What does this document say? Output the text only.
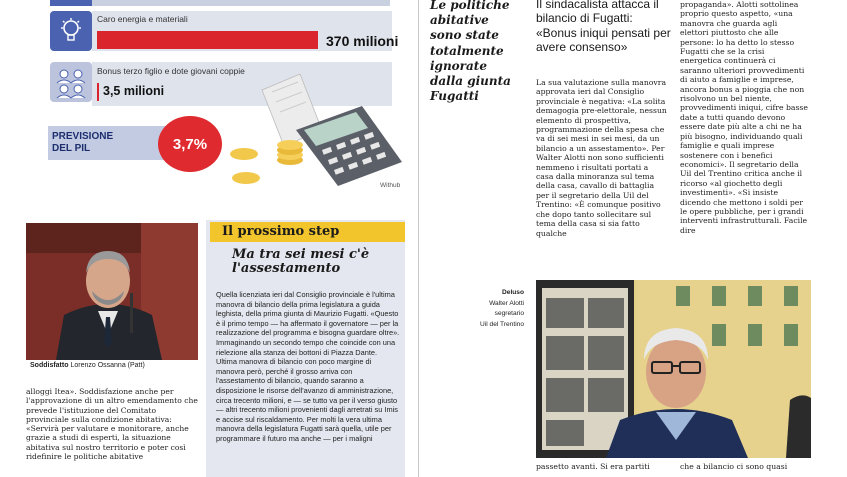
Caro energia e materiali
370 milioni
Bonus terzo figlio e dote giovani coppie
3,5 milioni
PREVISIONE DEL PIL	3,7%
Withub
Soddisfatto Lorenzo Ossanna (Patt)
Il prossimo step
Ma tra sei mesi c'è l'assestamento

Quella licenziata ieri dal Consiglio provinciale è l'ultima manovra di bilancio della prima legislatura a guida leghista, della prima giunta di Maurizio Fugatti. «Questo è il primo tempo — ha affermato il governatore — per la realizzazione del programma e bisogna guardare oltre». Immaginando un secondo tempo che coincide con una rielezione alla stanza dei bottoni di Piazza Dante.

Ultima manovra di bilancio con poco margine di manovra però, perché il grosso arriva con l'assestamento di bilancio, quando saranno a disposizione le risorse dell'avanzo di amministrazione, circa trecento milioni, e — se tutto va per il verso giusto — altri trecento milioni provenienti dagli arretrati su Imis e accise sul riscaldamento. Per molti la vera ultima manovra della legislatura Fugatti sarà quella, utile per programmare il futuro ma anche — per i maligni

alloggi Itea». Soddisfazione anche per l'approvazione di un altro emendamento che prevede l'istituzione del Comitato provinciale sulla condizione abitativa: «Servirà per valutare e monitorare, anche grazie a studi di esperti, la situazione abitativa sul nostro territorio e poter così ridefinire le politiche abitative
Le politiche abitative sono state totalmente ignorate dalla giunta Fugatti
Il sindacalista attacca il bilancio di Fugatti: «Bonus iniqui pensati per avere consenso»
La sua valutazione sulla manovra approvata ieri dal Consiglio provinciale è negativa: «La solita demagogia pre-elettorale, nessun elemento di prospettiva, programmazione della spesa che va di sei mesi in sei mesi, da un bilancio a un assestamento». Per Walter Alotti non sono sufficienti nemmeno i risultati portati a casa dalla minoranza sul tema della casa, cavallo di battaglia per il segretario della Uil del Trentino: «È comunque positivo che dopo tanto sollecitare sul tema della casa si sia fatto qualche
propaganda». Alotti sottolinea proprio questo aspetto, «una manovra che guarda agli elettori piuttosto che alle persone: lo ha detto lo stesso Fugatti che se la crisi energetica continuerà ci saranno ulteriori provvedimenti di aiuto a famiglie e imprese, ancora bonus a pioggia che non risolvono un bel niente, provvedimenti iniqui, cifre basse date a tutti quando devono essere date più alte a chi ne ha più bisogno, individuando quali famiglie e quali imprese sostenere con i benefici economici». Il segretario della Uil del Trentino critica anche il ricorso «al giochetto degli investimenti». «Si insiste dicendo che mettono i soldi per le opere pubbliche, per i grandi interventi infrastrutturali. Facile dire
Deluso
Walter Alotti
segretario
Uil del Trentino
passetto avanti. Si era partiti	che a bilancio ci sono quasi
